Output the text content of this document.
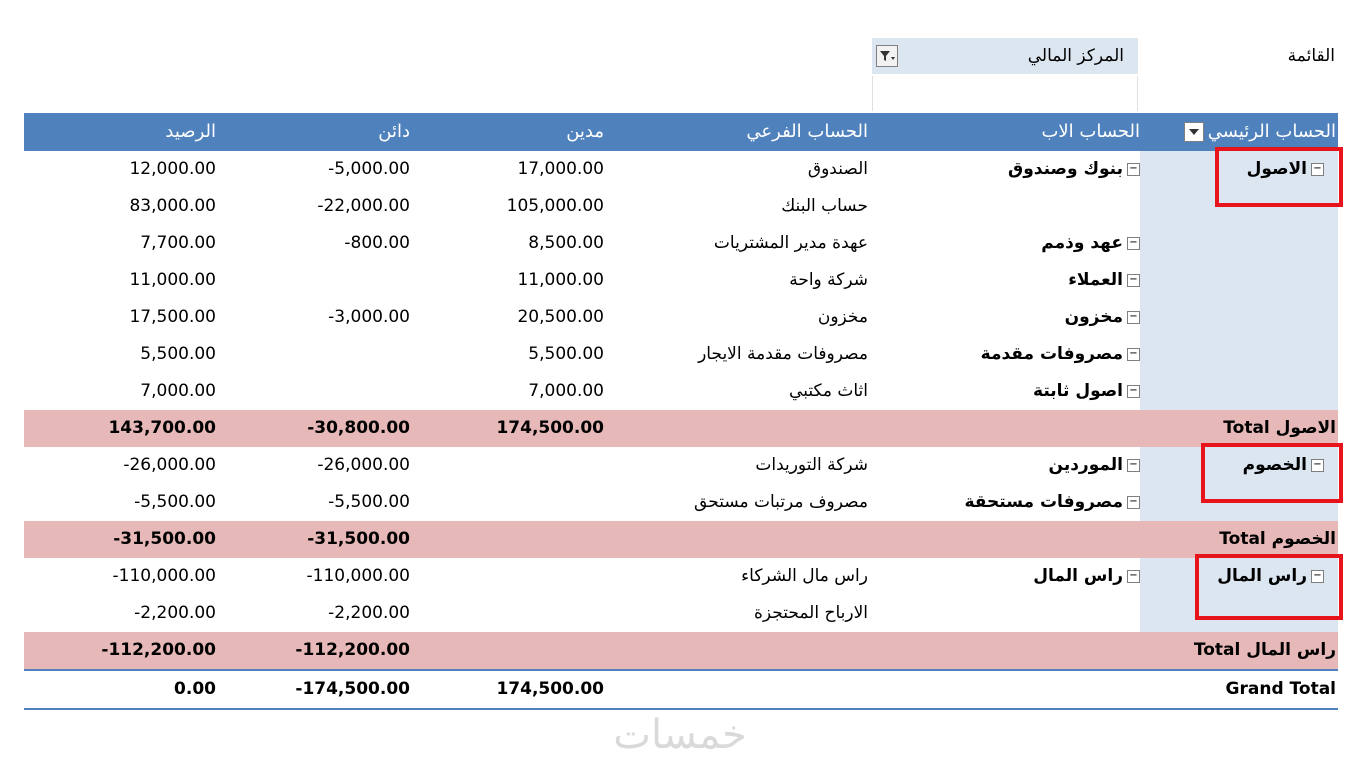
القائمة
المركز المالي
الحساب الرئيسي
الحساب الاب
الحساب الفرعي
مدين
دائن
الرصيد
−الاصول
−بنوك وصندوق
الصندوق
17,000.00
-5,000.00
12,000.00
حساب البنك
105,000.00
-22,000.00
83,000.00
−عهد وذمم
عهدة مدير المشتريات
8,500.00
-800.00
7,700.00
−العملاء
شركة واحة
11,000.00
11,000.00
−مخزون
مخزون
20,500.00
-3,000.00
17,500.00
−مصروفات مقدمة
مصروفات مقدمة الايجار
5,500.00
5,500.00
−اصول ثابتة
اثاث مكتبي
7,000.00
7,000.00
الاصول Total
174,500.00
-30,800.00
143,700.00
−الخصوم
−الموردين
شركة التوريدات
-26,000.00
-26,000.00
−مصروفات مستحقة
مصروف مرتبات مستحق
-5,500.00
-5,500.00
الخصوم Total
-31,500.00
-31,500.00
−راس المال
−راس المال
راس مال الشركاء
-110,000.00
-110,000.00
الارباح المحتجزة
-2,200.00
-2,200.00
راس المال Total
-112,200.00
-112,200.00
Grand Total
174,500.00
-174,500.00
0.00
خمسات
